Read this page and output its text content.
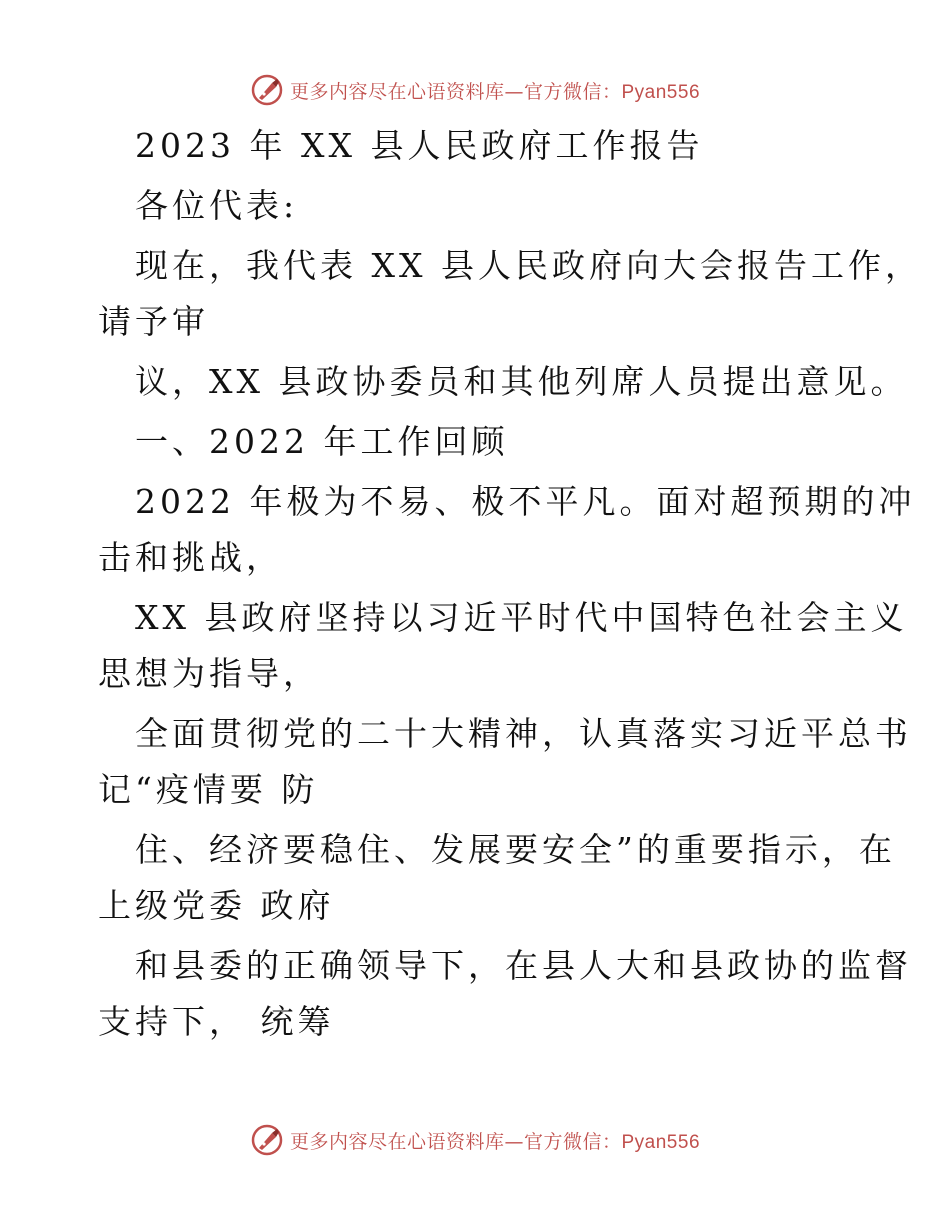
更多内容尽在心语资料库—官方微信：Pyan556
2023 年 XX 县人民政府工作报告
各位代表:
现在，我代表 XX 县人民政府向大会报告工作，
请予审
议，XX 县政协委员和其他列席人员提出意见。
一、2022 年工作回顾
2022 年极为不易、极不平凡。面对超预期的冲
击和挑战，
XX 县政府坚持以习近平时代中国特色社会主义
思想为指导，
全面贯彻党的二十大精神，认真落实习近平总书
记“疫情要 防
住、经济要稳住、发展要安全”的重要指示，在
上级党委 政府
和县委的正确领导下，在县人大和县政协的监督
支持下， 统筹
更多内容尽在心语资料库—官方微信：Pyan556
